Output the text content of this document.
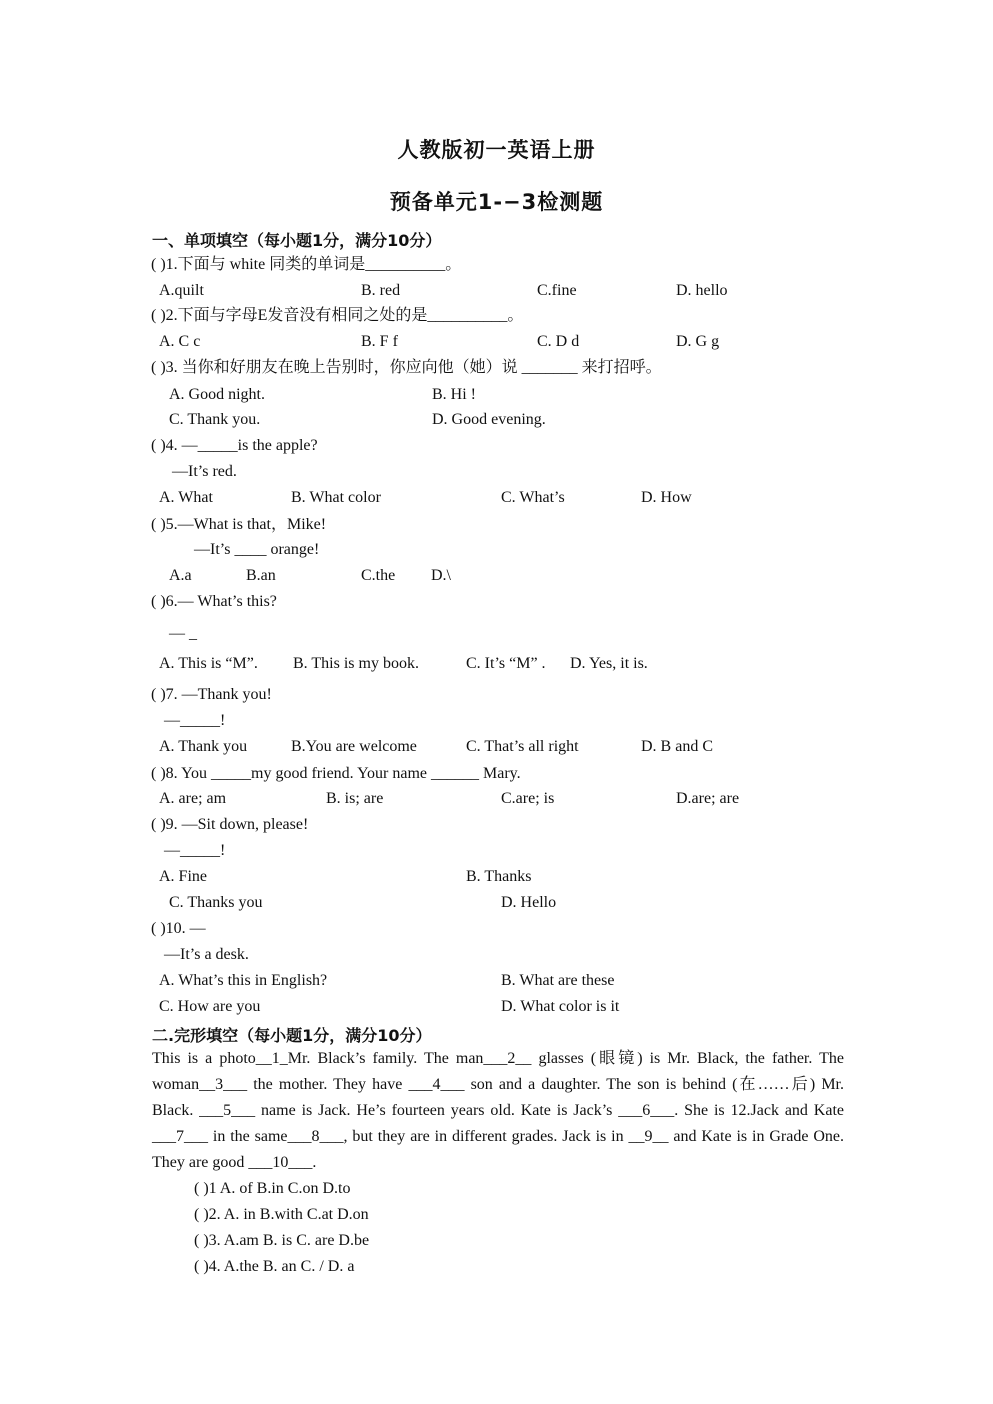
人教版初一英语上册
预备单元1-−3检测题
一、单项填空（每小题1分，满分10分）
( )1.下面与 white 同类的单词是__________。
A.quilt	B. red	C.fine	D. hello
( )2.下面与字母E发音没有相同之处的是__________。
A. C c	B. F f	C. D d	D. G g
( )3. 当你和好朋友在晚上告别时，你应向他（她）说 _______ 来打招呼。
A. Good night.	B. Hi !
C. Thank you.	D. Good evening.
( )4. —_____is the apple?
—It’s red.
A. What	B. What color	C. What’s	D. How
( )5.—What is that，Mike!
—It’s ____ orange!
A.a	B.an	C.the D.\
( )6.— What’s this?
— _
A. This is “M”. B. This is my book.	C. It’s “M” . D. Yes, it is.
( )7. —Thank you!
—_____!
A. Thank you	B.You are welcome	C. That’s all right	D. B and C
( )8. You _____my good friend. Your name ______ Mary.
A. are; am	B. is; are	C.are; is	D.are; are
( )9. —Sit down, please!
—_____!
A. Fine	B. Thanks
C. Thanks you	D. Hello
( )10. —
—It’s a desk.
A. What’s this in English?	B. What are these
C. How are you	D. What color is it
二.完形填空（每小题1分，满分10分）
This is a photo__1_Mr. Black’s family. The man___2__ glasses (眼镜) is Mr. Black, the father. The woman__3___ the mother. They have ___4___ son and a daughter. The son is behind (在……后) Mr. Black. ___5___ name is Jack. He’s fourteen years old. Kate is Jack’s ___6___. She is 12.Jack and Kate ___7___ in the same___8___, but they are in different grades. Jack is in __9__ and Kate is in Grade One. They are good ___10___.
( )1 A. of B.in C.on D.to
( )2. A. in B.with C.at D.on
( )3. A.am B. is C. are D.be
( )4. A.the B. an C. / D. a
